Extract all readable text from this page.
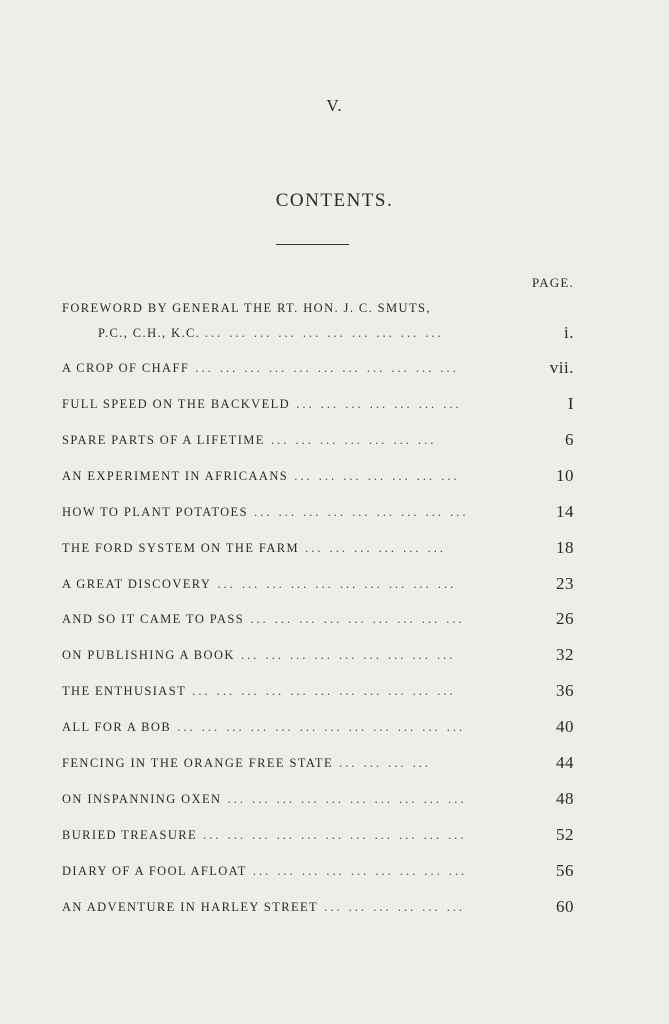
V.
CONTENTS.
PAGE.
FOREWORD BY GENERAL THE RT. HON. J. C. SMUTS,
P.C., C.H., K.C. ... ... ... ... ... ... ... ... ... ...	i.
A CROP OF CHAFF ... ... ... ... ... ... ... ... ... ... ...	vii.
FULL SPEED ON THE BACKVELD ... ... ... ... ... ... ...	I
SPARE PARTS OF A LIFETIME ... ... ... ... ... ... ...	6
AN EXPERIMENT IN AFRICAANS ... ... ... ... ... ... ...	10
HOW TO PLANT POTATOES ... ... ... ... ... ... ... ... ...	14
THE FORD SYSTEM ON THE FARM ... ... ... ... ... ...	18
A GREAT DISCOVERY ... ... ... ... ... ... ... ... ... ...	23
AND SO IT CAME TO PASS ... ... ... ... ... ... ... ... ...	26
ON PUBLISHING A BOOK ... ... ... ... ... ... ... ... ...	32
THE ENTHUSIAST ... ... ... ... ... ... ... ... ... ... ...	36
ALL FOR A BOB ... ... ... ... ... ... ... ... ... ... ... ...	40
FENCING IN THE ORANGE FREE STATE ... ... ... ...	44
ON INSPANNING OXEN ... ... ... ... ... ... ... ... ... ...	48
BURIED TREASURE ... ... ... ... ... ... ... ... ... ... ...	52
DIARY OF A FOOL AFLOAT ... ... ... ... ... ... ... ... ...	56
AN ADVENTURE IN HARLEY STREET ... ... ... ... ... ...	60
